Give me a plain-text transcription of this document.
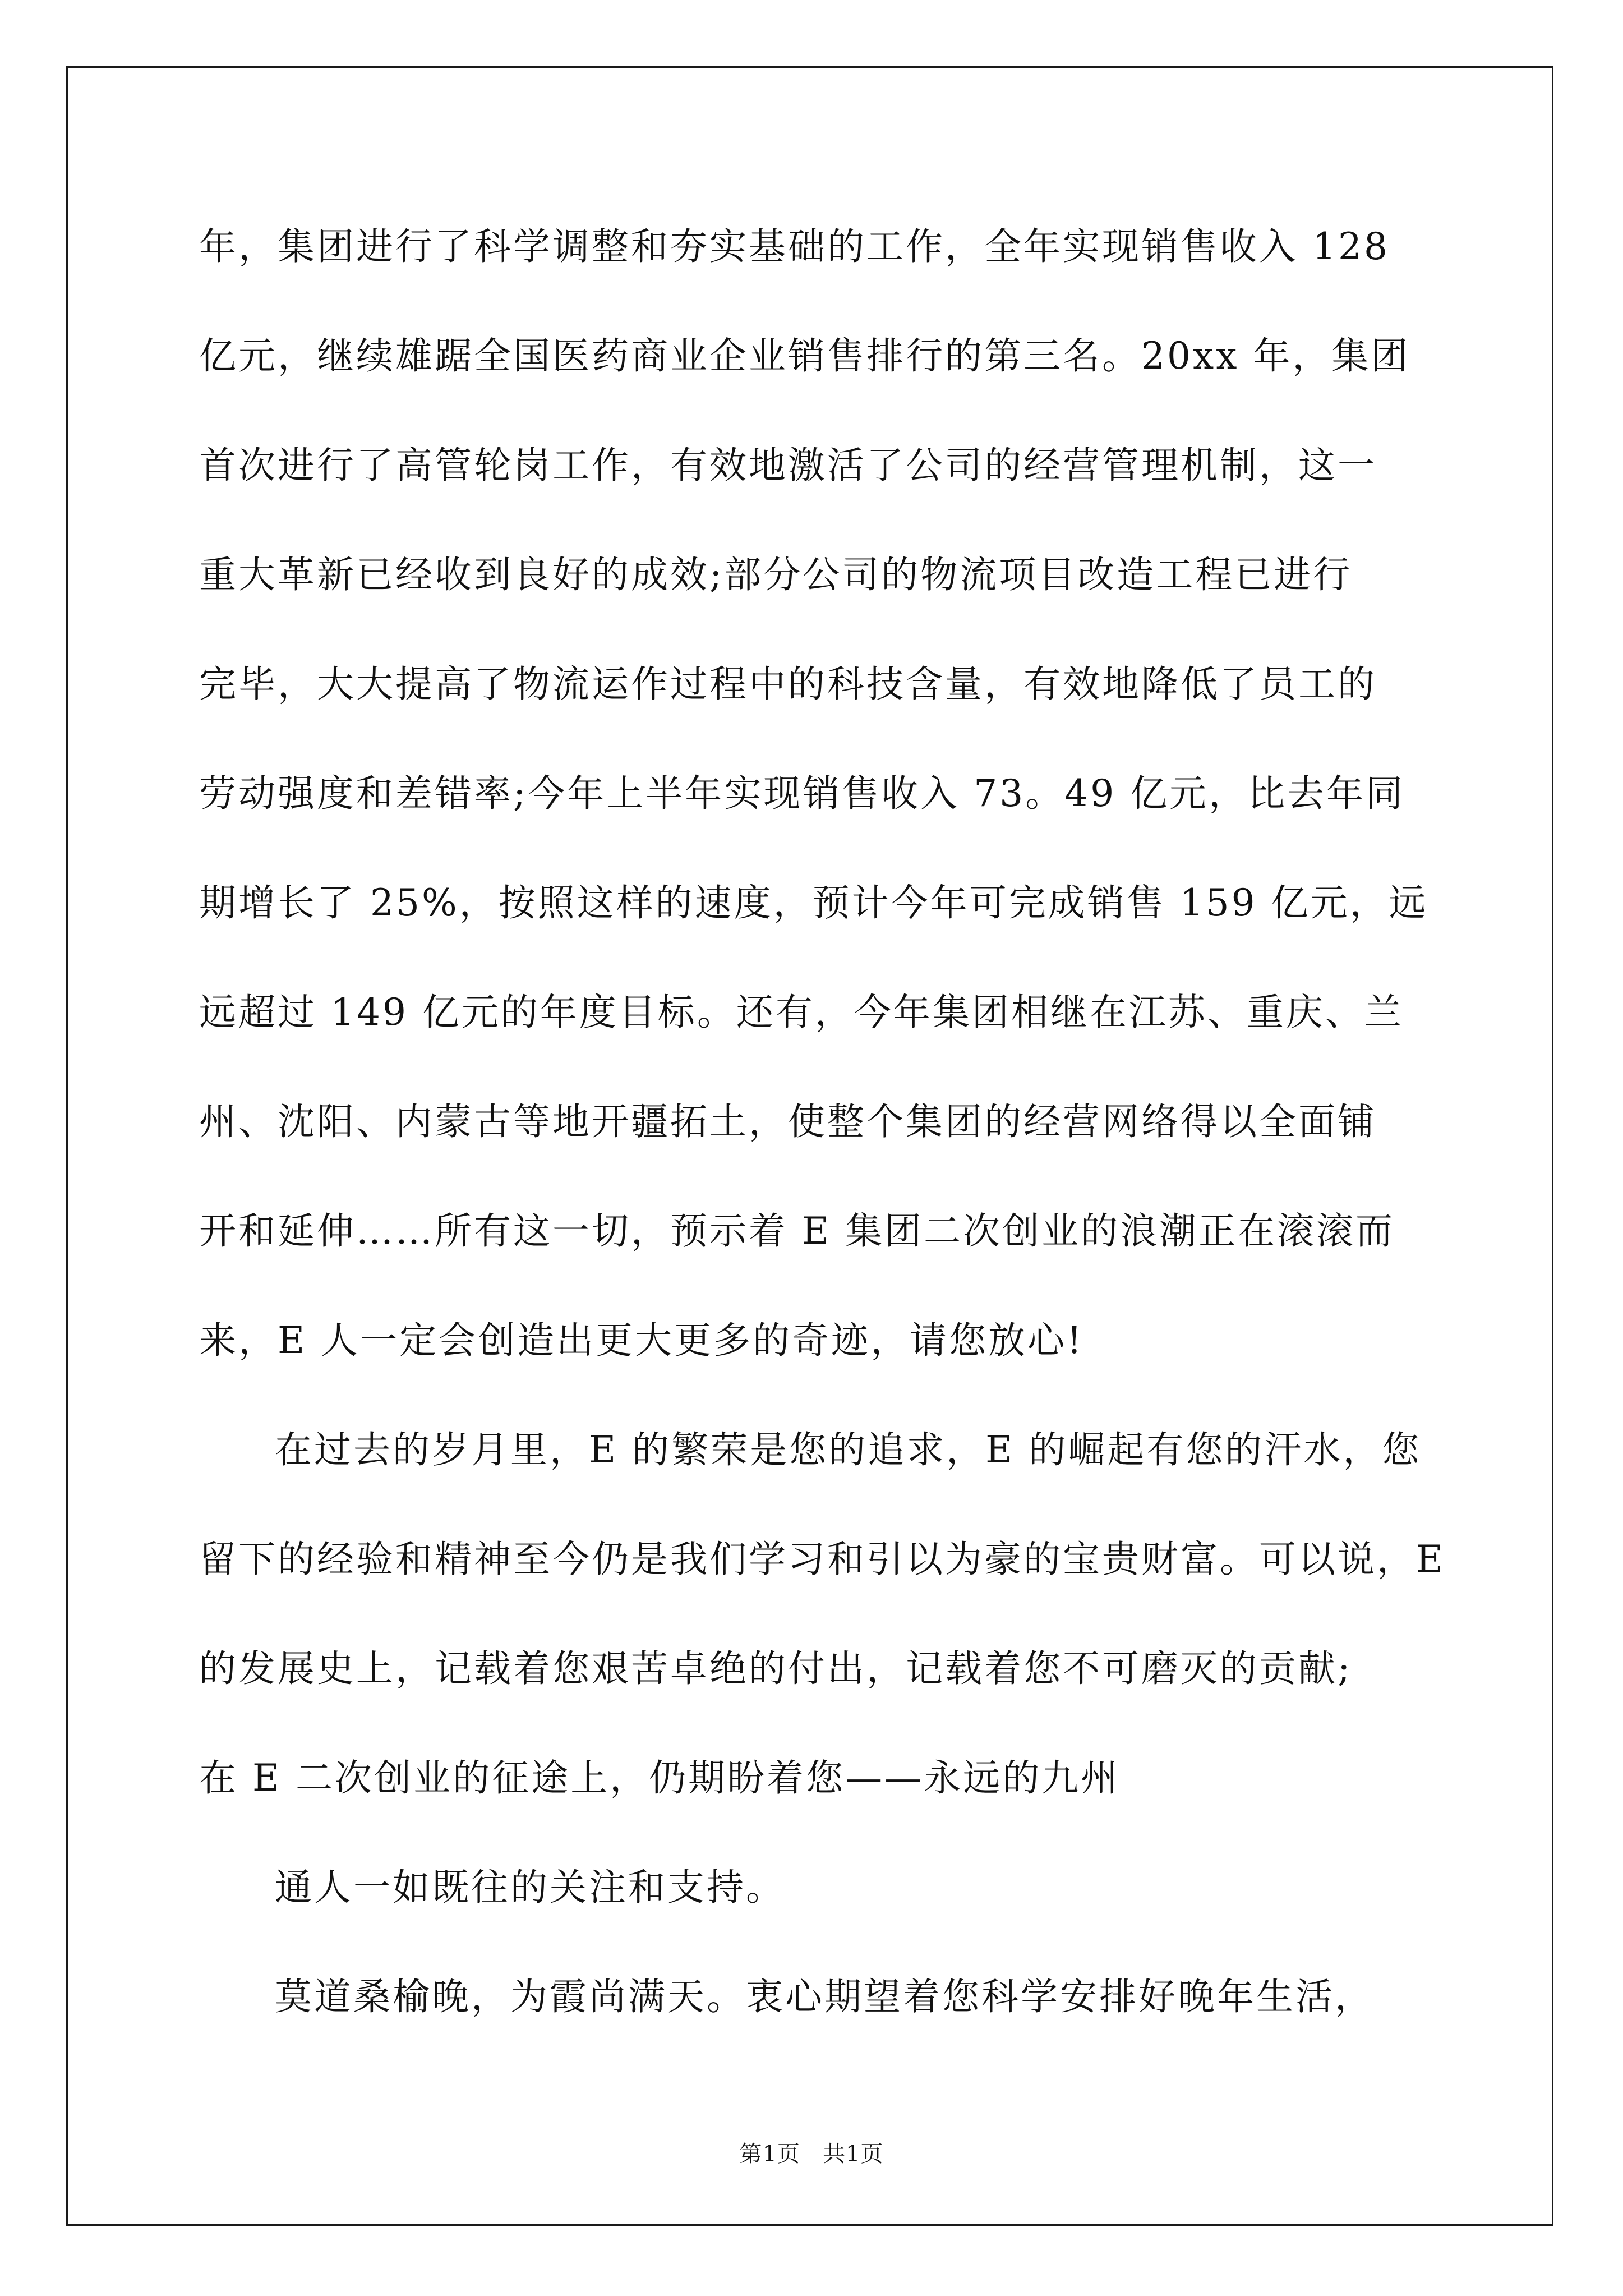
年，集团进行了科学调整和夯实基础的工作，全年实现销售收入 128
亿元，继续雄踞全国医药商业企业销售排行的第三名。20xx 年，集团
首次进行了高管轮岗工作，有效地激活了公司的经营管理机制，这一
重大革新已经收到良好的成效;部分公司的物流项目改造工程已进行
完毕，大大提高了物流运作过程中的科技含量，有效地降低了员工的
劳动强度和差错率;今年上半年实现销售收入 73。49 亿元，比去年同
期增长了 25%，按照这样的速度，预计今年可完成销售 159 亿元，远
远超过 149 亿元的年度目标。还有，今年集团相继在江苏、重庆、兰
州、沈阳、内蒙古等地开疆拓土，使整个集团的经营网络得以全面铺
开和延伸……所有这一切，预示着 E 集团二次创业的浪潮正在滚滚而
来，E 人一定会创造出更大更多的奇迹，请您放心!
在过去的岁月里，E 的繁荣是您的追求，E 的崛起有您的汗水，您
留下的经验和精神至今仍是我们学习和引以为豪的宝贵财富。可以说，E
的发展史上，记载着您艰苦卓绝的付出，记载着您不可磨灭的贡献;
在 E 二次创业的征途上，仍期盼着您——永远的九州
通人一如既往的关注和支持。
莫道桑榆晚，为霞尚满天。衷心期望着您科学安排好晚年生活，
第1页 共1页
